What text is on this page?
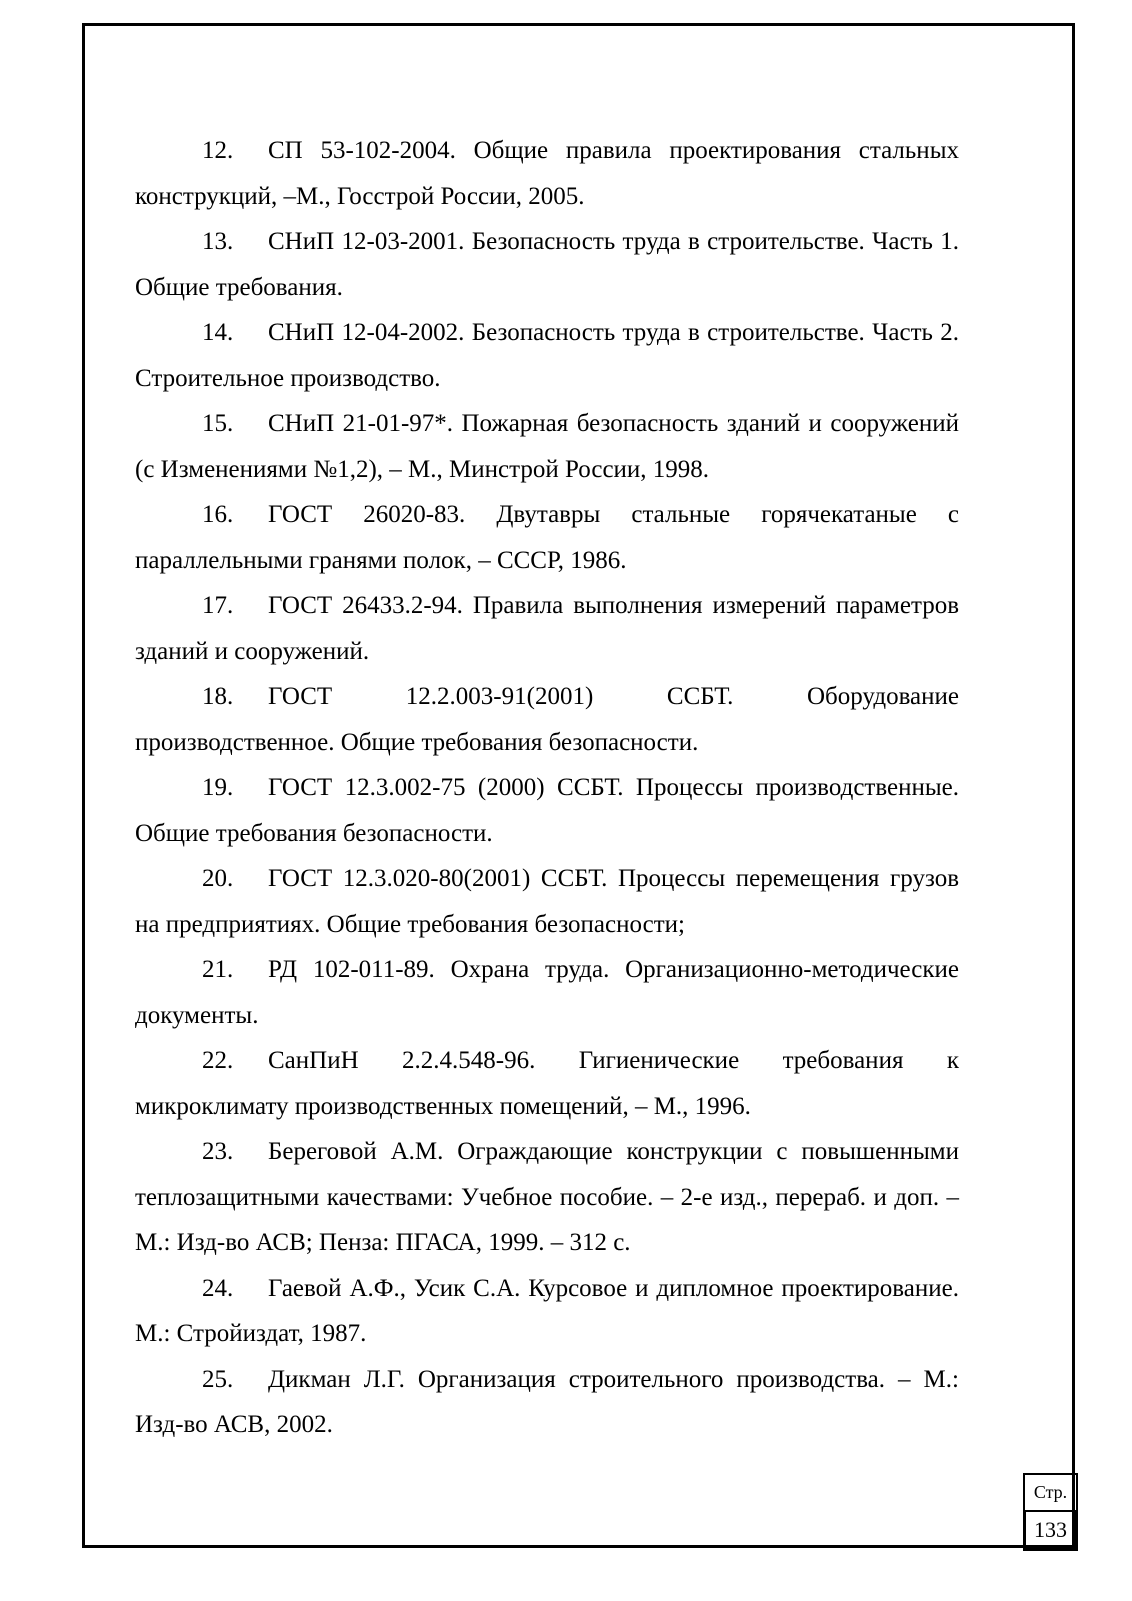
12. СП 53-102-2004. Общие правила проектирования стальных конструкций, –М., Госстрой России, 2005.

13. СНиП 12-03-2001. Безопасность труда в строительстве. Часть 1. Общие требования.

14. СНиП 12-04-2002. Безопасность труда в строительстве. Часть 2. Строительное производство.

15. СНиП 21-01-97*. Пожарная безопасность зданий и сооружений (с Изменениями №1,2), – М., Минстрой России, 1998.

16. ГОСТ 26020-83. Двутавры стальные горячекатаные с параллельными гранями полок, – СССР, 1986.

17. ГОСТ 26433.2-94. Правила выполнения измерений параметров зданий и сооружений.

18. ГОСТ 12.2.003-91(2001) ССБТ. Оборудование производственное. Общие требования безопасности.

19. ГОСТ 12.3.002-75 (2000) ССБТ. Процессы производственные. Общие требования безопасности.

20. ГОСТ 12.3.020-80(2001) ССБТ. Процессы перемещения грузов на предприятиях. Общие требования безопасности;

21. РД 102-011-89. Охрана труда. Организационно-методические документы.

22. СанПиН 2.2.4.548-96. Гигиенические требования к микроклимату производственных помещений, – М., 1996.

23. Береговой А.М. Ограждающие конструкции с повышенными теплозащитными качествами: Учебное пособие. – 2-е изд., перераб. и доп. – М.: Изд-во АСВ; Пенза: ПГАСА, 1999. – 312 с.

24. Гаевой А.Ф., Усик С.А. Курсовое и дипломное проектирование. М.: Стройиздат, 1987.

25. Дикман Л.Г. Организация строительного производства. – М.: Изд-во АСВ, 2002.

Стр.
133
